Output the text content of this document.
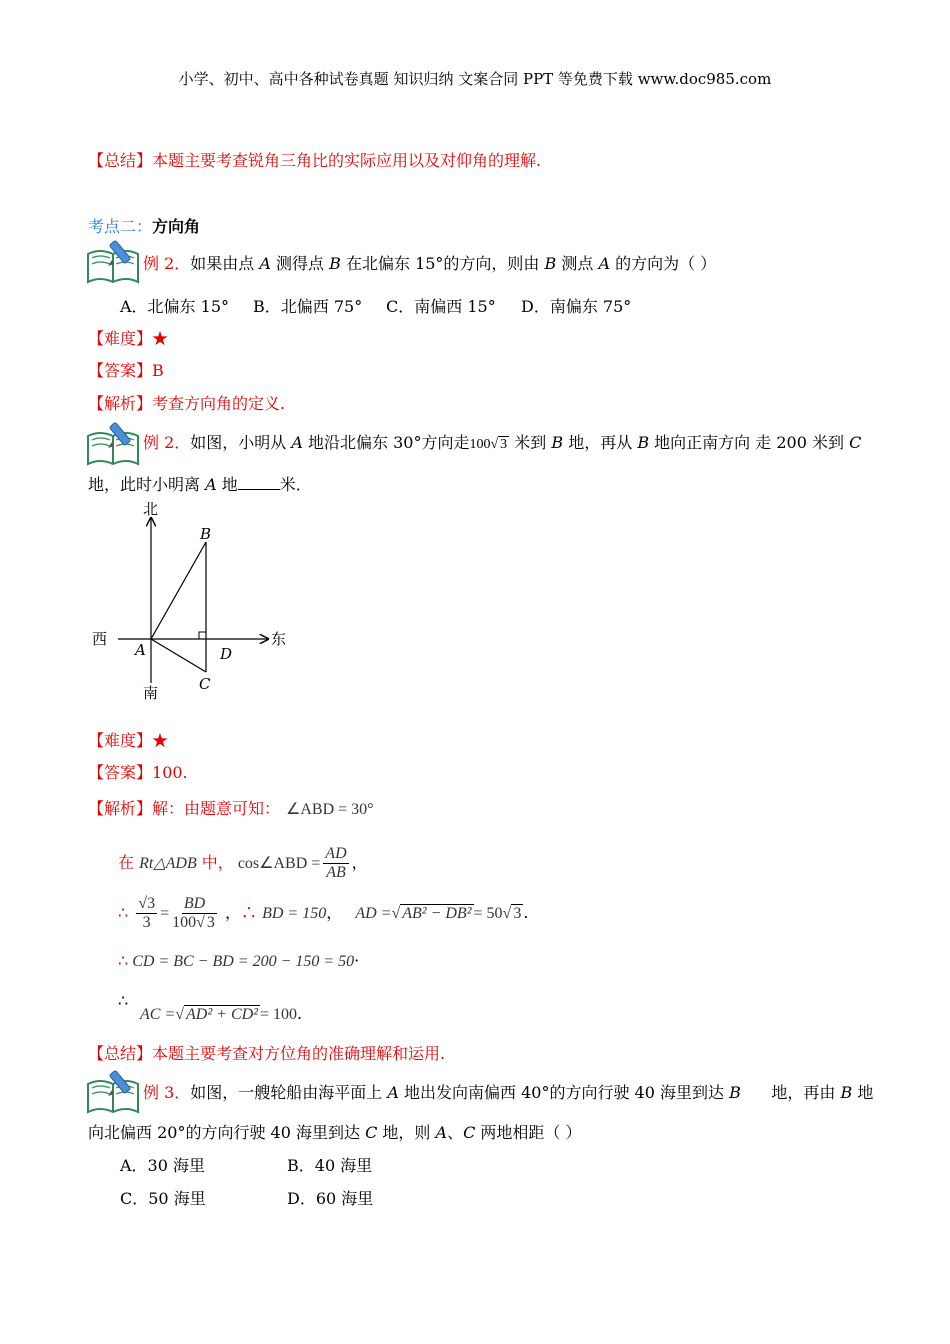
小学、初中、高中各种试卷真题 知识归纳 文案合同 PPT 等免费下载 www.doc985.com
【总结】本题主要考查锐角三角比的实际应用以及对仰角的理解.
考点二：方向角
例 2．如果由点 A 测得点 B 在北偏东 15°的方向，则由 B 测点 A 的方向为（ ）
A．北偏东 15° B．北偏西 75° C．南偏西 15° D．南偏东 75°
【难度】★
【答案】B
【解析】考查方向角的定义.
例 2．如图，小明从 A 地沿北偏东 30°方向走100√ 3 米到 B 地，再从 B 地向正南方向 走 200 米到 C
地，此时小明离 A 地	米．
北
南
西	东
B
A	D
C
【难度】★
【答案】100.
【解析】解：由题意可知： ∠ABD = 30°
在 Rt△ADB 中， cos∠ABD = $\frac{AD}{AB}$ ，
∴ $\frac{√3}{3} = \frac{BD}{100√ 3}$ ，∴ BD = 150， AD =√ AB² − DB² = 50√ 3 .
∴ CD = BC − BD = 200 − 150 = 50·
∴
AC =√ AD² + CD² = 100.
【总结】本题主要考查对方位角的准确理解和运用.
例 3．如图，一艘轮船由海平面上 A 地出发向南偏西 40°的方向行驶 40 海里到达 B      地，再由 B 地
向北偏西 20°的方向行驶 40 海里到达 C 地，则 A、C 两地相距（ ）
A．30 海里	B．40 海里
C．50 海里	D．60 海里
